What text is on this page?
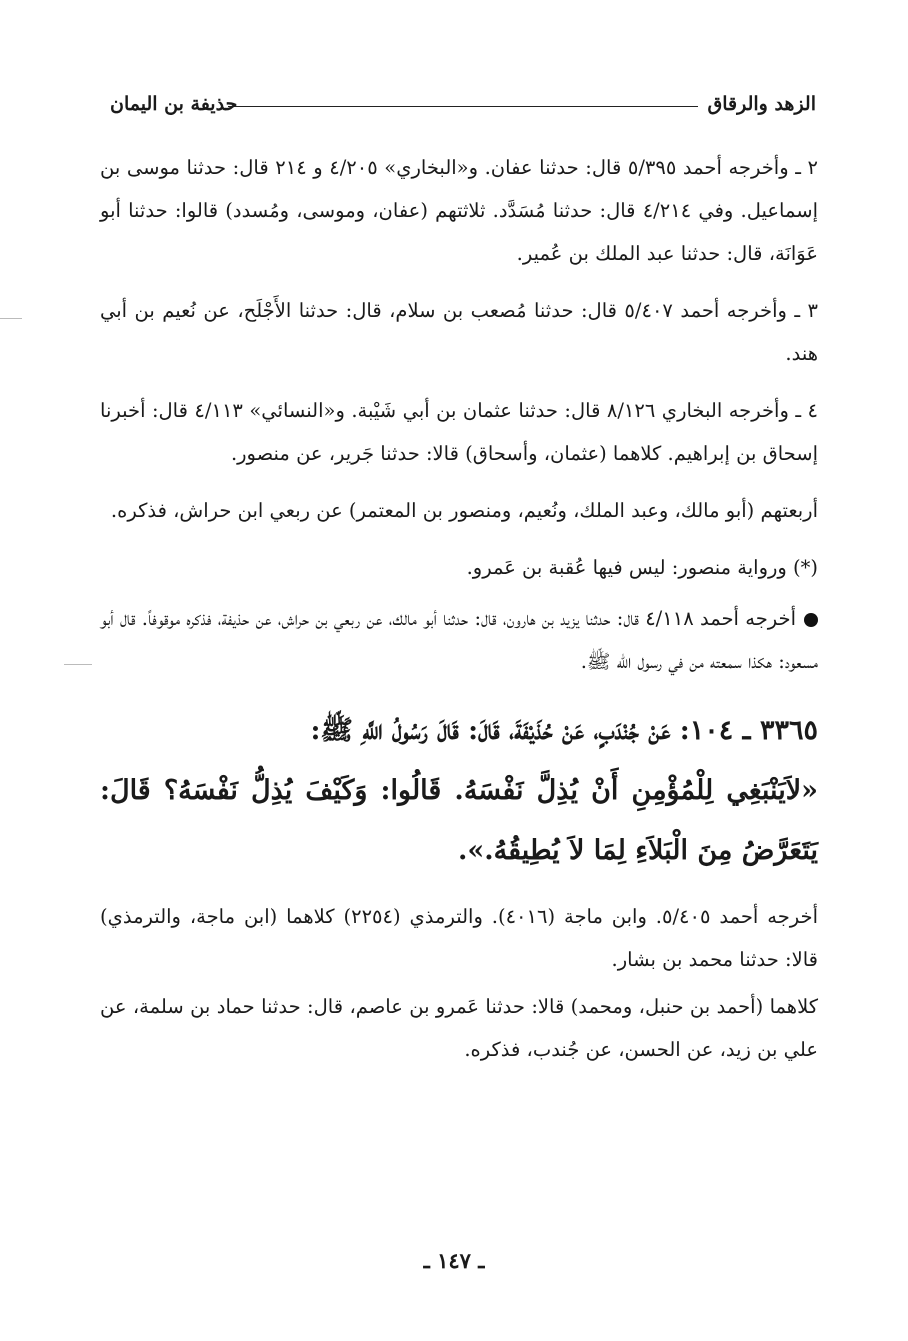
الزهد والرقاق
حذيفة بن اليمان

٢ ـ وأخرجه أحمد ٥/٣٩٥ قال: حدثنا عفان. و«البخاري» ٤/٢٠٥ و ٢١٤ قال: حدثنا موسى بن إسماعيل. وفي ٤/٢١٤ قال: حدثنا مُسَدَّد. ثلاثتهم (عفان، وموسى، ومُسدد) قالوا: حدثنا أبو عَوَانَة، قال: حدثنا عبد الملك بن عُمير.

٣ ـ وأخرجه أحمد ٥/٤٠٧ قال: حدثنا مُصعب بن سلام، قال: حدثنا الأَجْلَح، عن نُعيم بن أبي هند.

٤ ـ وأخرجه البخاري ٨/١٢٦ قال: حدثنا عثمان بن أبي شَيْبة. و«النسائي» ٤/١١٣ قال: أخبرنا إسحاق بن إبراهيم. كلاهما (عثمان، وأسحاق) قالا: حدثنا جَرير، عن منصور.

أربعتهم (أبو مالك، وعبد الملك، ونُعيم، ومنصور بن المعتمر) عن ربعي ابن حراش، فذكره.

(*) ورواية منصور: ليس فيها عُقبة بن عَمرو.

أخرجه أحمد ٤/١١٨ قال: حدثنا يزيد بن هارون، قال: حدثنا أبو مالك، عن ربعي بن حراش، عن حذيفة، فذكره موقوفاً. قال أبو مسعود: هكذا سمعته من في رسول الله ﷺ.

٣٣٦٥ ـ ١٠٤: عَنْ جُنْدَبٍ، عَنْ حُذَيْفَةَ، قَالَ: قَالَ رَسُولُ اللَّهِ ﷺ:

«لاَيَنْبَغِي لِلْمُؤْمِنِ أَنْ يُذِلَّ نَفْسَهُ. قَالُوا: وَكَيْفَ يُذِلُّ نَفْسَهُ؟ قَالَ: يَتَعَرَّضُ مِنَ الْبَلاَءِ لِمَا لاَ يُطِيقُهُ.».

أخرجه أحمد ٥/٤٠٥. وابن ماجة (٤٠١٦). والترمذي (٢٢٥٤) كلاهما (ابن ماجة، والترمذي) قالا: حدثنا محمد بن بشار.

كلاهما (أحمد بن حنبل، ومحمد) قالا: حدثنا عَمرو بن عاصم، قال: حدثنا حماد بن سلمة، عن علي بن زيد، عن الحسن، عن جُندب، فذكره.

ـ ١٤٧ ـ
